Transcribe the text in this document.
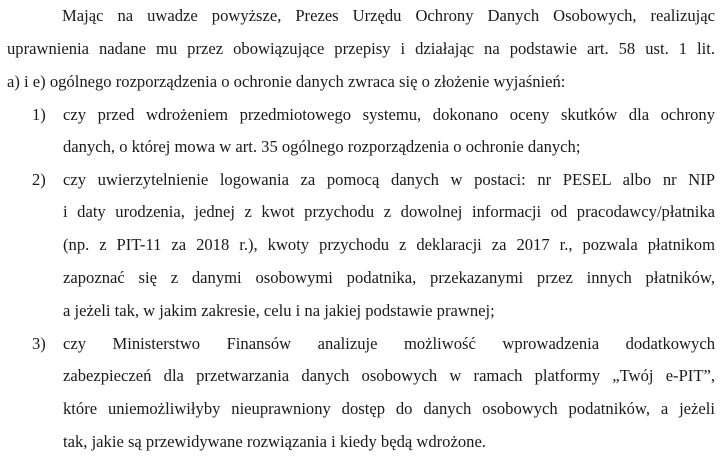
Mając na uwadze powyższe, Prezes Urzędu Ochrony Danych Osobowych, realizując
uprawnienia nadane mu przez obowiązujące przepisy i działając na podstawie art. 58 ust. 1 lit.
a) i e) ogólnego rozporządzenia o ochronie danych zwraca się o złożenie wyjaśnień:
1) czy przed wdrożeniem przedmiotowego systemu, dokonano oceny skutków dla ochrony
danych, o której mowa w art. 35 ogólnego rozporządzenia o ochronie danych;
2) czy uwierzytelnienie logowania za pomocą danych w postaci: nr PESEL albo nr NIP
i daty urodzenia, jednej z kwot przychodu z dowolnej informacji od pracodawcy/płatnika
(np. z PIT-11 za 2018 r.), kwoty przychodu z deklaracji za 2017 r., pozwala płatnikom
zapoznać się z danymi osobowymi podatnika, przekazanymi przez innych płatników,
a jeżeli tak, w jakim zakresie, celu i na jakiej podstawie prawnej;
3) czy Ministerstwo Finansów analizuje możliwość wprowadzenia dodatkowych
zabezpieczeń dla przetwarzania danych osobowych w ramach platformy „Twój e-PIT”,
które uniemożliwiłyby nieuprawniony dostęp do danych osobowych podatników, a jeżeli
tak, jakie są przewidywane rozwiązania i kiedy będą wdrożone.
